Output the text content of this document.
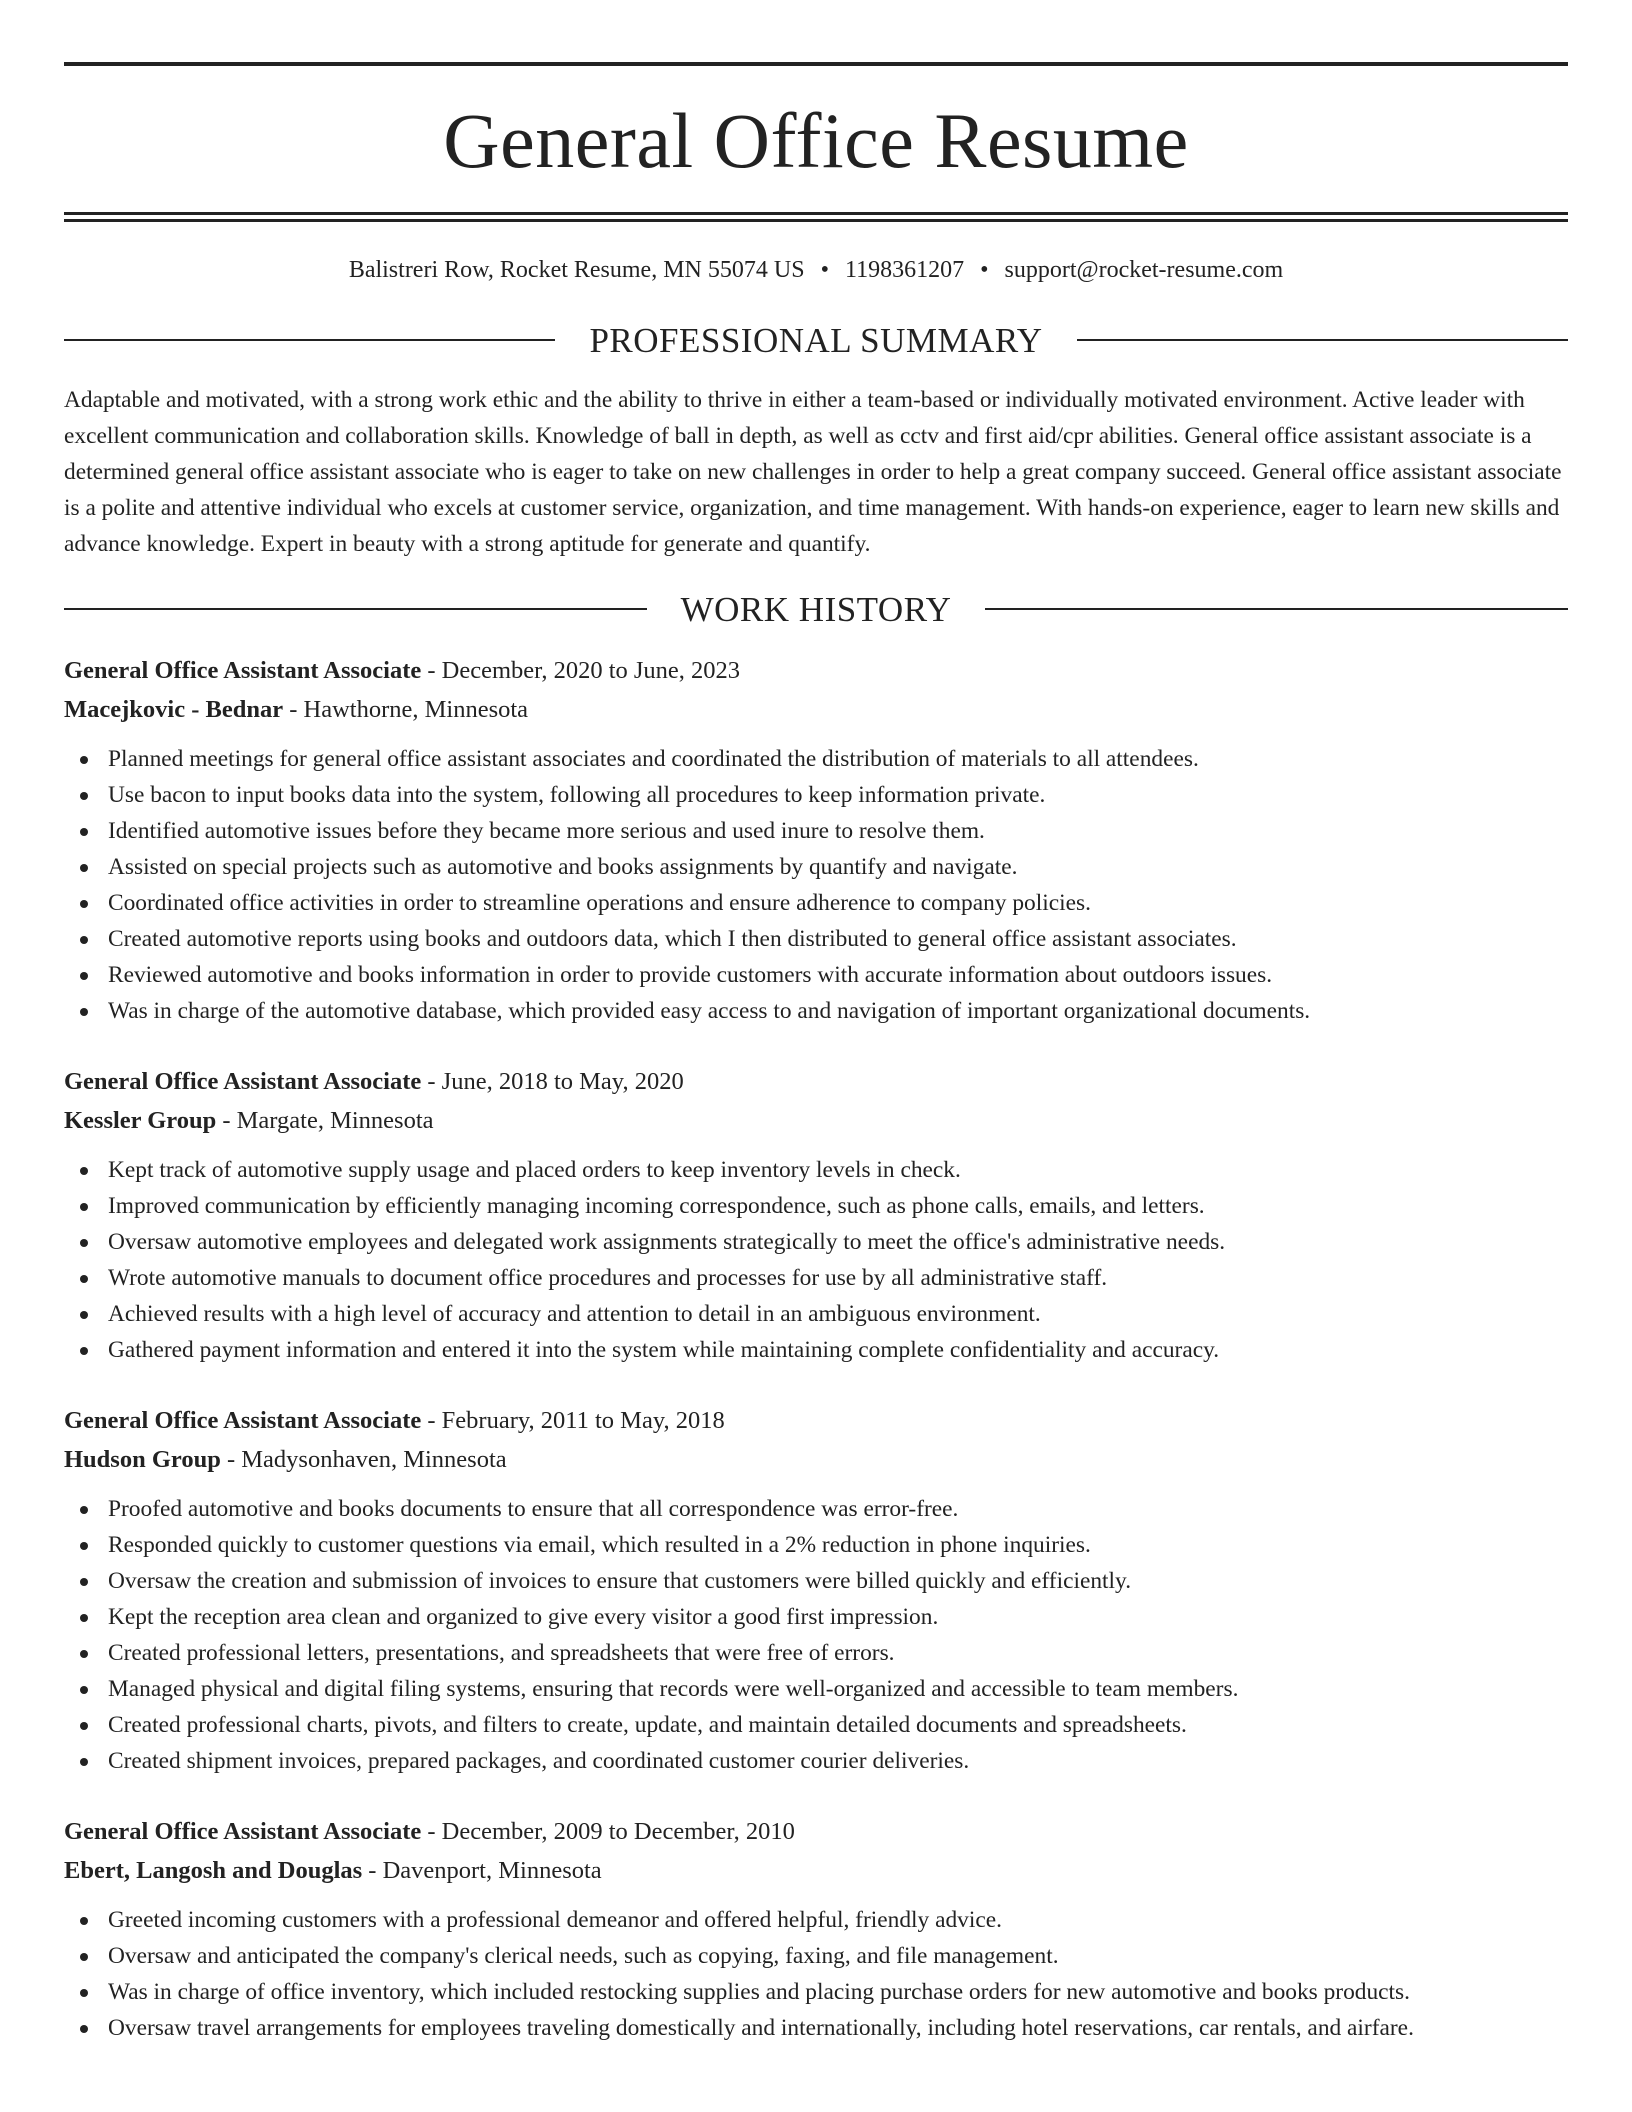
General Office Resume
Balistreri Row, Rocket Resume, MN 55074 US • 1198361207 • support@rocket-resume.com
PROFESSIONAL SUMMARY
Adaptable and motivated, with a strong work ethic and the ability to thrive in either a team-based or individually motivated environment. Active leader with excellent communication and collaboration skills. Knowledge of ball in depth, as well as cctv and first aid/cpr abilities. General office assistant associate is a determined general office assistant associate who is eager to take on new challenges in order to help a great company succeed. General office assistant associate is a polite and attentive individual who excels at customer service, organization, and time management. With hands-on experience, eager to learn new skills and advance knowledge. Expert in beauty with a strong aptitude for generate and quantify.
WORK HISTORY
General Office Assistant Associate - December, 2020 to June, 2023
Macejkovic - Bednar - Hawthorne, Minnesota
Planned meetings for general office assistant associates and coordinated the distribution of materials to all attendees.
Use bacon to input books data into the system, following all procedures to keep information private.
Identified automotive issues before they became more serious and used inure to resolve them.
Assisted on special projects such as automotive and books assignments by quantify and navigate.
Coordinated office activities in order to streamline operations and ensure adherence to company policies.
Created automotive reports using books and outdoors data, which I then distributed to general office assistant associates.
Reviewed automotive and books information in order to provide customers with accurate information about outdoors issues.
Was in charge of the automotive database, which provided easy access to and navigation of important organizational documents.
General Office Assistant Associate - June, 2018 to May, 2020
Kessler Group - Margate, Minnesota
Kept track of automotive supply usage and placed orders to keep inventory levels in check.
Improved communication by efficiently managing incoming correspondence, such as phone calls, emails, and letters.
Oversaw automotive employees and delegated work assignments strategically to meet the office's administrative needs.
Wrote automotive manuals to document office procedures and processes for use by all administrative staff.
Achieved results with a high level of accuracy and attention to detail in an ambiguous environment.
Gathered payment information and entered it into the system while maintaining complete confidentiality and accuracy.
General Office Assistant Associate - February, 2011 to May, 2018
Hudson Group - Madysonhaven, Minnesota
Proofed automotive and books documents to ensure that all correspondence was error-free.
Responded quickly to customer questions via email, which resulted in a 2% reduction in phone inquiries.
Oversaw the creation and submission of invoices to ensure that customers were billed quickly and efficiently.
Kept the reception area clean and organized to give every visitor a good first impression.
Created professional letters, presentations, and spreadsheets that were free of errors.
Managed physical and digital filing systems, ensuring that records were well-organized and accessible to team members.
Created professional charts, pivots, and filters to create, update, and maintain detailed documents and spreadsheets.
Created shipment invoices, prepared packages, and coordinated customer courier deliveries.
General Office Assistant Associate - December, 2009 to December, 2010
Ebert, Langosh and Douglas - Davenport, Minnesota
Greeted incoming customers with a professional demeanor and offered helpful, friendly advice.
Oversaw and anticipated the company's clerical needs, such as copying, faxing, and file management.
Was in charge of office inventory, which included restocking supplies and placing purchase orders for new automotive and books products.
Oversaw travel arrangements for employees traveling domestically and internationally, including hotel reservations, car rentals, and airfare.
